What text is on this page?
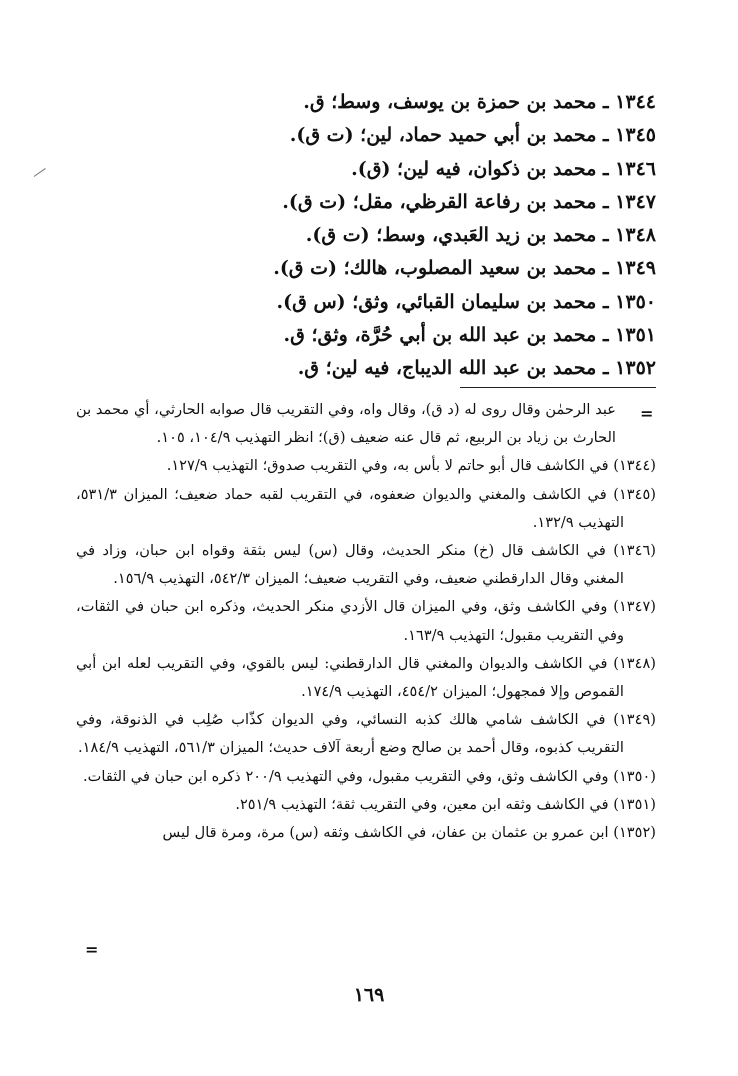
١٣٤٤ ـ محمد بن حمزة بن يوسف، وسط؛ ق.
١٣٤٥ ـ محمد بن أبي حميد حماد، لين؛ (ت ق).
١٣٤٦ ـ محمد بن ذكوان، فيه لين؛ (ق).
١٣٤٧ ـ محمد بن رفاعة القرظي، مقل؛ (ت ق).
١٣٤٨ ـ محمد بن زيد العَبدي، وسط؛ (ت ق).
١٣٤٩ ـ محمد بن سعيد المصلوب، هالك؛ (ت ق).
١٣٥٠ ـ محمد بن سليمان القبائي، وثق؛ (س ق).
١٣٥١ ـ محمد بن عبد الله بن أبي حُرَّة، وثق؛ ق.
١٣٥٢ ـ محمد بن عبد الله الديباج، فيه لين؛ ق.
=
عبد الرحمٰن وقال روى له (د ق)، وقال واه، وفي التقريب قال صوابه الحارثي، أي محمد بن الحارث بن زياد بن الربيع، ثم قال عنه ضعيف (ق)؛ انظر التهذيب ١٠٤/٩، ١٠٥.
(١٣٤٤) في الكاشف قال أبو حاتم لا بأس به، وفي التقريب صدوق؛ التهذيب ١٢٧/٩.
(١٣٤٥) في الكاشف والمغني والديوان ضعفوه، في التقريب لقبه حماد ضعيف؛ الميزان ٥٣١/٣، التهذيب ١٣٢/٩.
(١٣٤٦) في الكاشف قال (خ) منكر الحديث، وقال (س) ليس بثقة وقواه ابن حبان، وزاد في المغني وقال الدارقطني ضعيف، وفي التقريب ضعيف؛ الميزان ٥٤٢/٣، التهذيب ١٥٦/٩.
(١٣٤٧) وفي الكاشف وثق، وفي الميزان قال الأزدي منكر الحديث، وذكره ابن حبان في الثقات، وفي التقريب مقبول؛ التهذيب ١٦٣/٩.
(١٣٤٨) في الكاشف والديوان والمغني قال الدارقطني: ليس بالقوي، وفي التقريب لعله ابن أبي القموص وإلا فمجهول؛ الميزان ٤٥٤/٢، التهذيب ١٧٤/٩.
(١٣٤٩) في الكاشف شامي هالك كذبه النسائي، وفي الديوان كذّاب صُلِب في الذنوقة، وفي التقريب كذبوه، وقال أحمد بن صالح وضع أربعة آلاف حديث؛ الميزان ٥٦١/٣، التهذيب ١٨٤/٩.
(١٣٥٠) وفي الكاشف وثق، وفي التقريب مقبول، وفي التهذيب ٢٠٠/٩ ذكره ابن حبان في الثقات.
(١٣٥١) في الكاشف وثقه ابن معين، وفي التقريب ثقة؛ التهذيب ٢٥١/٩.
(١٣٥٢) ابن عمرو بن عثمان بن عفان، في الكاشف وثقه (س) مرة، ومرة قال ليس
=
١٦٩
